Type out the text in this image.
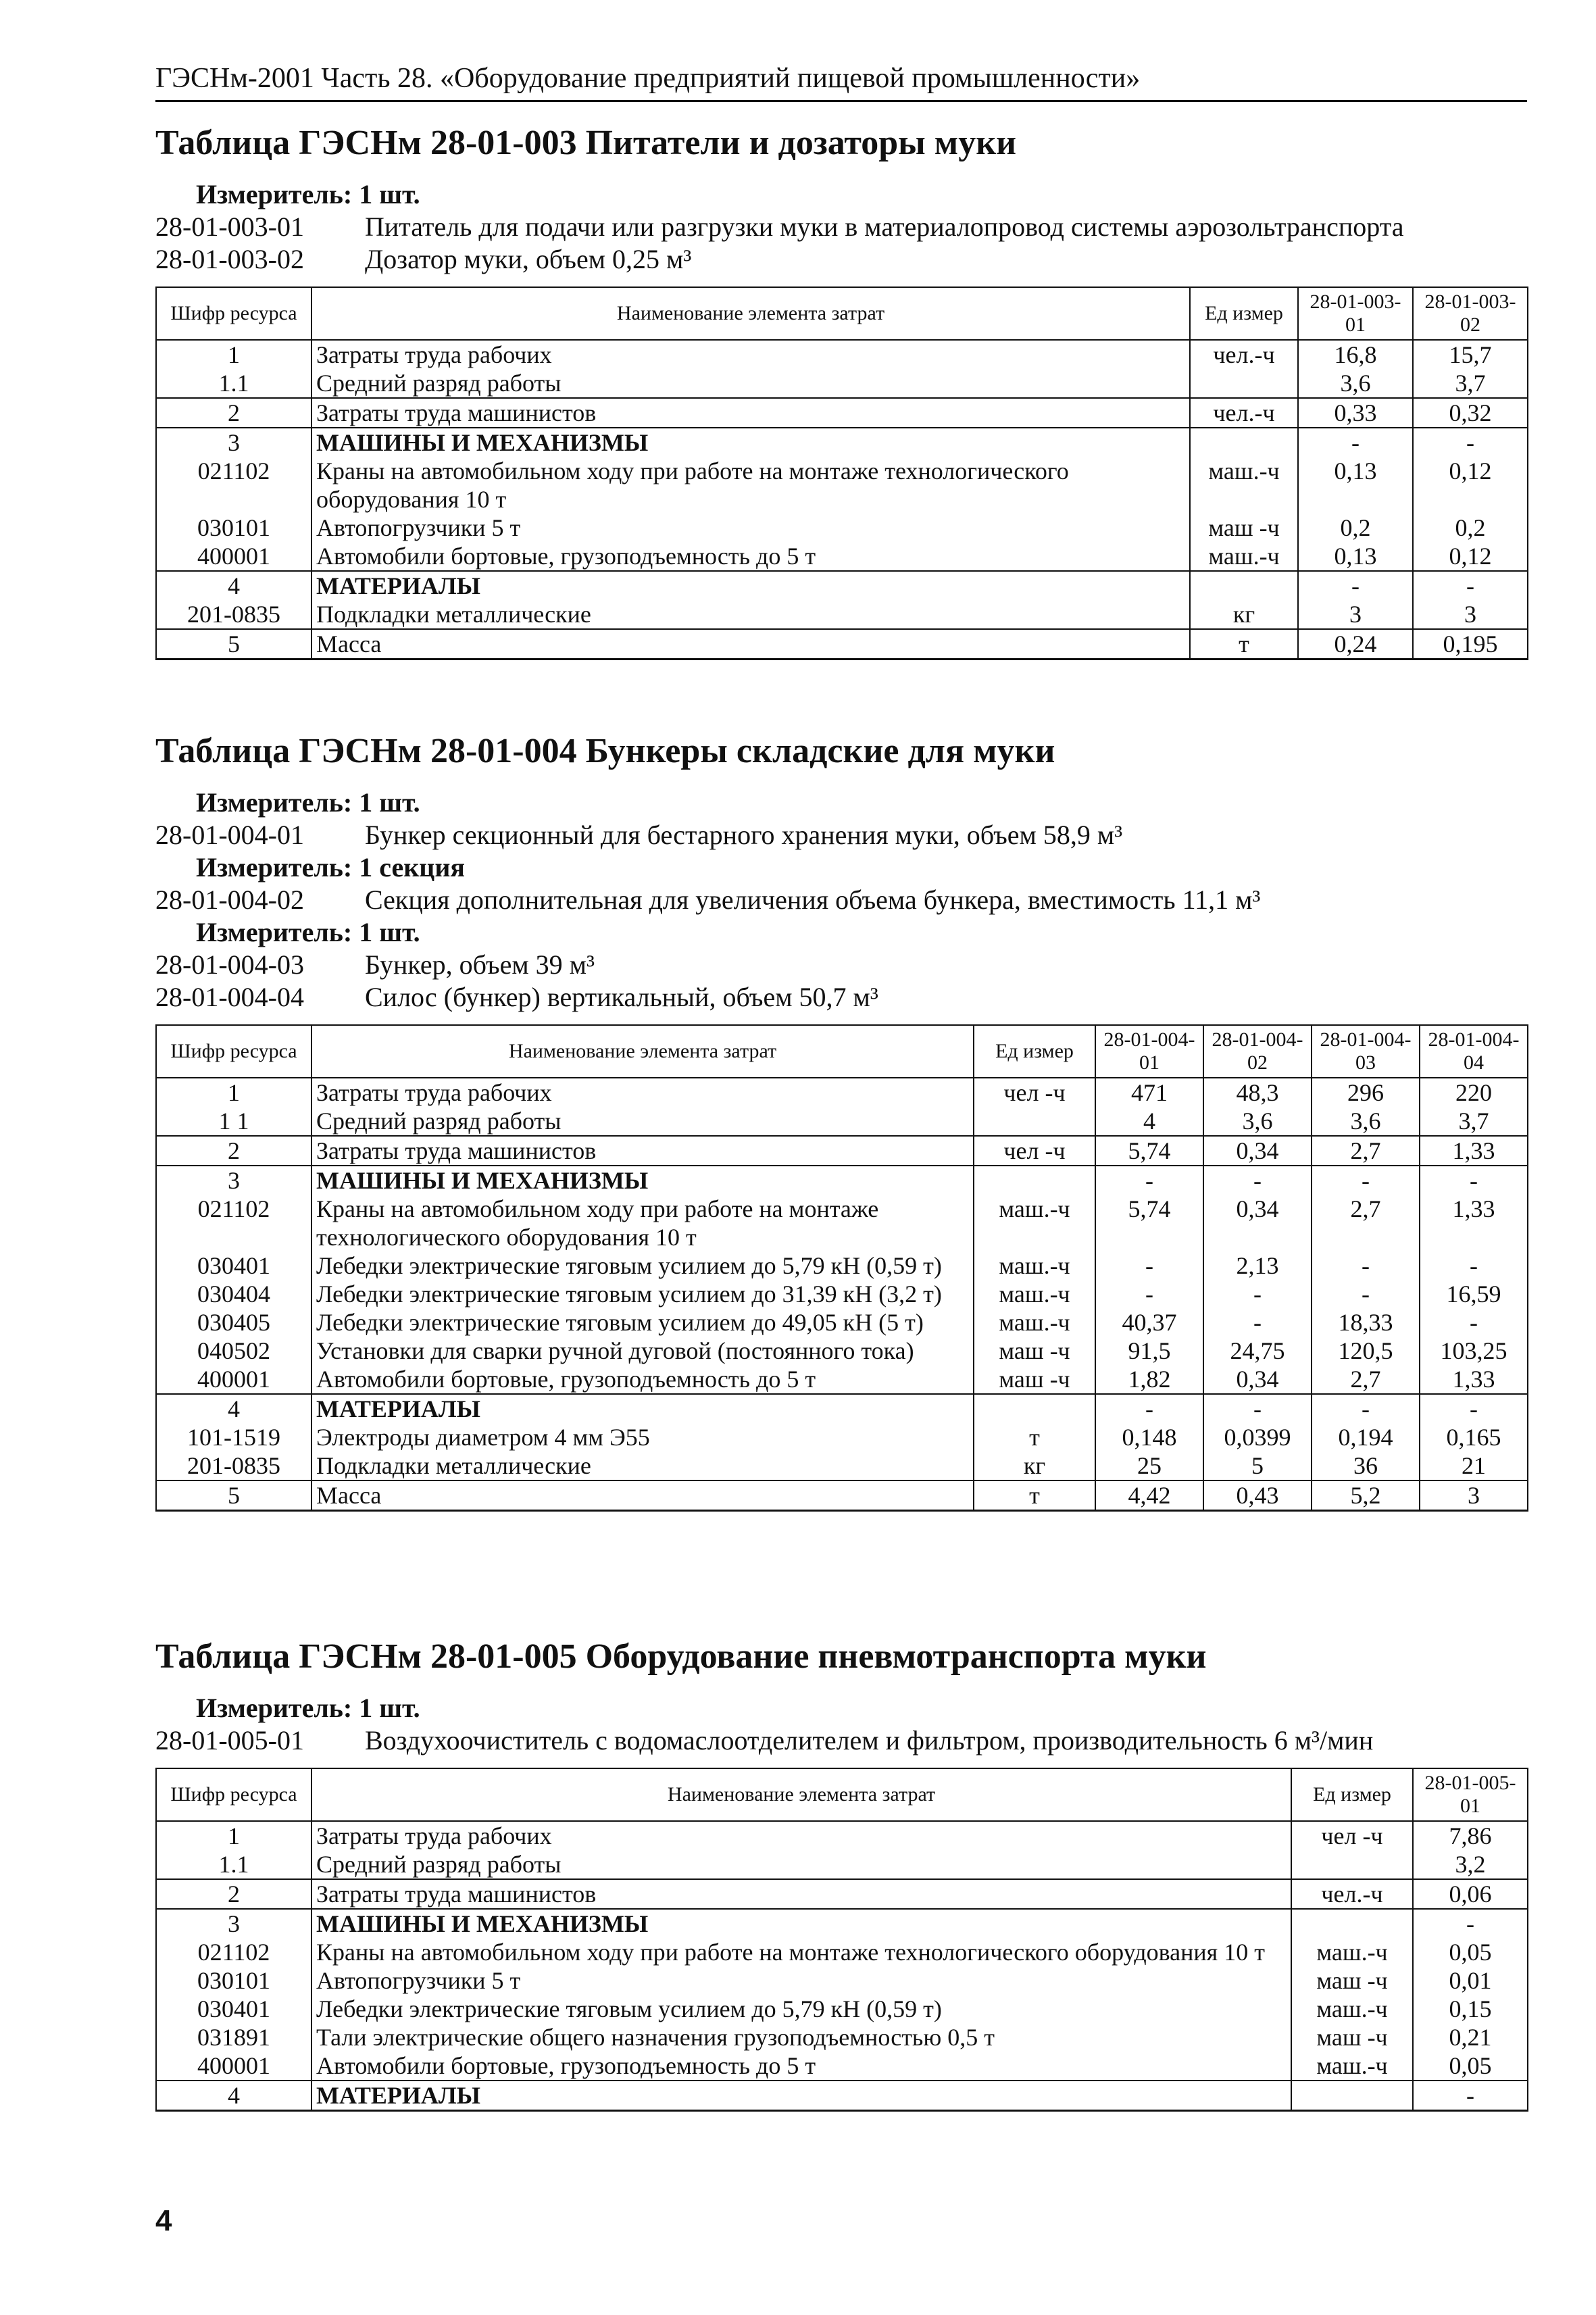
ГЭСНм-2001 Часть 28. «Оборудование предприятий пищевой промышленности»
Таблица ГЭСНм 28-01-003 Питатели и дозаторы муки
Измеритель: 1 шт.
28-01-003-01 Питатель для подачи или разгрузки муки в материалопровод системы аэрозольтранспорта
28-01-003-02 Дозатор муки, объем 0,25 м³
Шифр ресурса	Наименование элемента затрат	Ед измер	28-01-003-01	28-01-003-02
1	Затраты труда рабочих	чел.-ч	16,8	15,7
1.1	Средний разряд работы		3,6	3,7
2	Затраты труда машинистов	чел.-ч	0,33	0,32
3	МАШИНЫ И МЕХАНИЗМЫ		-	-
021102	Краны на автомобильном ходу при работе на монтаже технологического оборудования 10 т	маш.-ч	0,13	0,12
030101	Автопогрузчики 5 т	маш -ч	0,2	0,2
400001	Автомобили бортовые, грузоподъемность до 5 т	маш.-ч	0,13	0,12
4	МАТЕРИАЛЫ		-	-
201-0835	Подкладки металлические	кг	3	3
5	Масса	т	0,24	0,195
Таблица ГЭСНм 28-01-004 Бункеры складские для муки
Измеритель: 1 шт.
28-01-004-01 Бункер секционный для бестарного хранения муки, объем 58,9 м³
Измеритель: 1 секция
28-01-004-02 Секция дополнительная для увеличения объема бункера, вместимость 11,1 м³
Измеритель: 1 шт.
28-01-004-03 Бункер, объем 39 м³
28-01-004-04 Силос (бункер) вертикальный, объем 50,7 м³
Шифр ресурса	Наименование элемента затрат	Ед измер	28-01-004-01	28-01-004-02	28-01-004-03	28-01-004-04
1	Затраты труда рабочих	чел -ч	471	48,3	296	220
1 1	Средний разряд работы		4	3,6	3,6	3,7
2	Затраты труда машинистов	чел -ч	5,74	0,34	2,7	1,33
3	МАШИНЫ И МЕХАНИЗМЫ		-	-	-	-
021102	Краны на автомобильном ходу при работе на монтаже технологического оборудования 10 т	маш.-ч	5,74	0,34	2,7	1,33
030401	Лебедки электрические тяговым усилием до 5,79 кН (0,59 т)	маш.-ч	-	2,13	-	-
030404	Лебедки электрические тяговым усилием до 31,39 кН (3,2 т)	маш.-ч	-	-	-	16,59
030405	Лебедки электрические тяговым усилием до 49,05 кН (5 т)	маш.-ч	40,37	-	18,33	-
040502	Установки для сварки ручной дуговой (постоянного тока)	маш -ч	91,5	24,75	120,5	103,25
400001	Автомобили бортовые, грузоподъемность до 5 т	маш -ч	1,82	0,34	2,7	1,33
4	МАТЕРИАЛЫ		-	-	-	-
101-1519	Электроды диаметром 4 мм Э55	т	0,148	0,0399	0,194	0,165
201-0835	Подкладки металлические	кг	25	5	36	21
5	Масса	т	4,42	0,43	5,2	3
Таблица ГЭСНм 28-01-005 Оборудование пневмотранспорта муки
Измеритель: 1 шт.
28-01-005-01 Воздухоочиститель с водомаслоотделителем и фильтром, производительность 6 м³/мин
Шифр ресурса	Наименование элемента затрат	Ед измер	28-01-005-01
1	Затраты труда рабочих	чел -ч	7,86
1.1	Средний разряд работы		3,2
2	Затраты труда машинистов	чел.-ч	0,06
3	МАШИНЫ И МЕХАНИЗМЫ		-
021102	Краны на автомобильном ходу при работе на монтаже технологического оборудования 10 т	маш.-ч	0,05
030101	Автопогрузчики 5 т	маш -ч	0,01
030401	Лебедки электрические тяговым усилием до 5,79 кН (0,59 т)	маш.-ч	0,15
031891	Тали электрические общего назначения грузоподъемностью 0,5 т	маш -ч	0,21
400001	Автомобили бортовые, грузоподъемность до 5 т	маш.-ч	0,05
4	МАТЕРИАЛЫ		-
4
